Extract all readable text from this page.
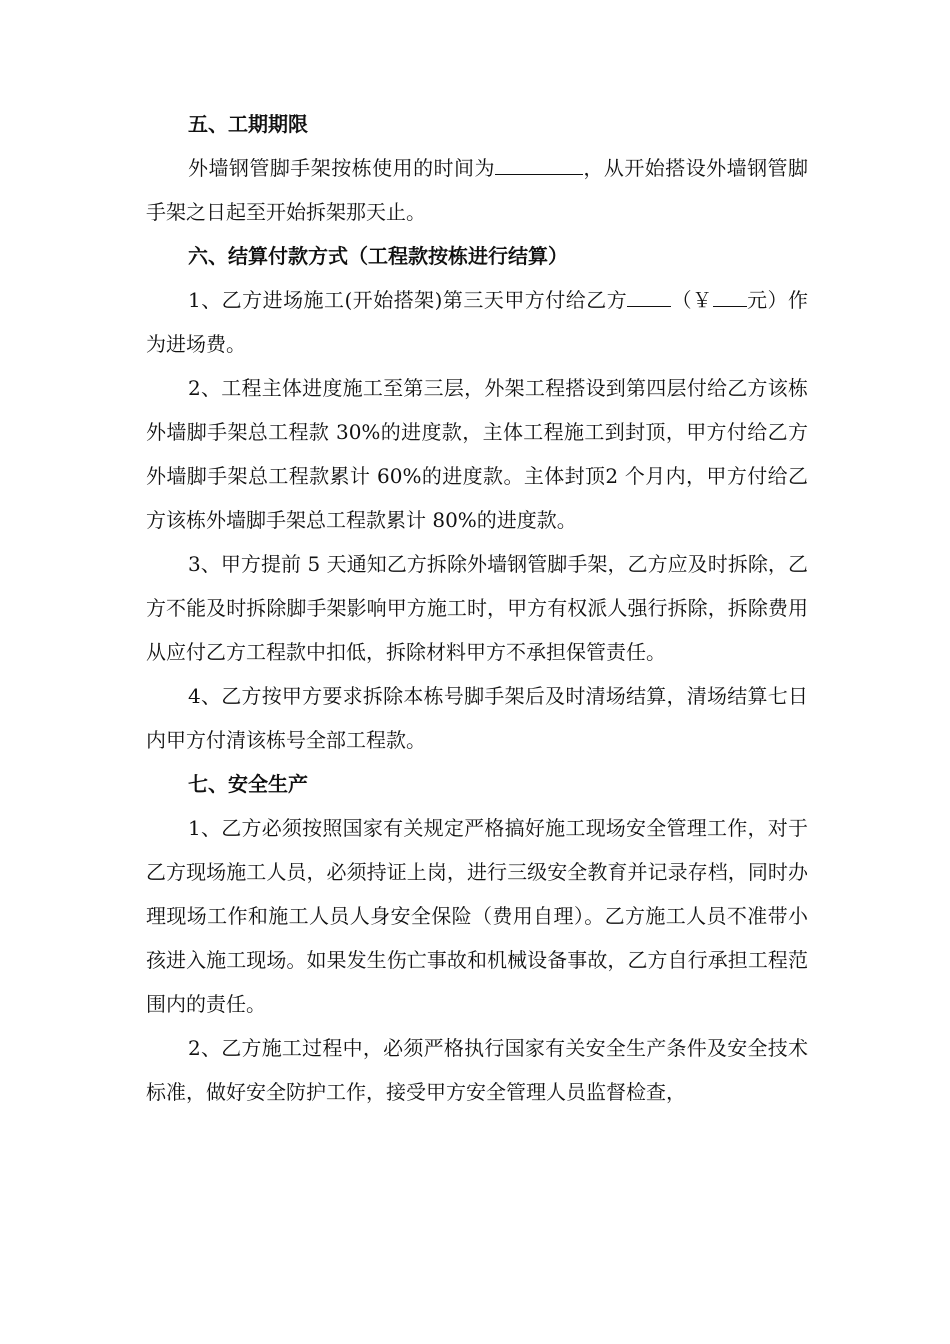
五、工期期限

外墙钢管脚手架按栋使用的时间为	，从开始搭设外墙钢管脚手架之日起至开始拆架那天止。

六、结算付款方式（工程款按栋进行结算）

1、乙方进场施工(开始搭架)第三天甲方付给乙方 （￥ 元）作为进场费。

2、工程主体进度施工至第三层，外架工程搭设到第四层付给乙方该栋外墙脚手架总工程款 30%的进度款，主体工程施工到封顶，甲方付给乙方外墙脚手架总工程款累计 60%的进度款。主体封顶2 个月内，甲方付给乙方该栋外墙脚手架总工程款累计 80%的进度款。

3、甲方提前 5 天通知乙方拆除外墙钢管脚手架，乙方应及时拆除，乙方不能及时拆除脚手架影响甲方施工时，甲方有权派人强行拆除，拆除费用从应付乙方工程款中扣低，拆除材料甲方不承担保管责任。

4、乙方按甲方要求拆除本栋号脚手架后及时清场结算，清场结算七日内甲方付清该栋号全部工程款。

七、安全生产

1、乙方必须按照国家有关规定严格搞好施工现场安全管理工作，对于乙方现场施工人员，必须持证上岗，进行三级安全教育并记录存档，同时办理现场工作和施工人员人身安全保险（费用自理）。乙方施工人员不准带小孩进入施工现场。如果发生伤亡事故和机械设备事故，乙方自行承担工程范围内的责任。

2、乙方施工过程中，必须严格执行国家有关安全生产条件及安全技术标准，做好安全防护工作，接受甲方安全管理人员监督检查，
